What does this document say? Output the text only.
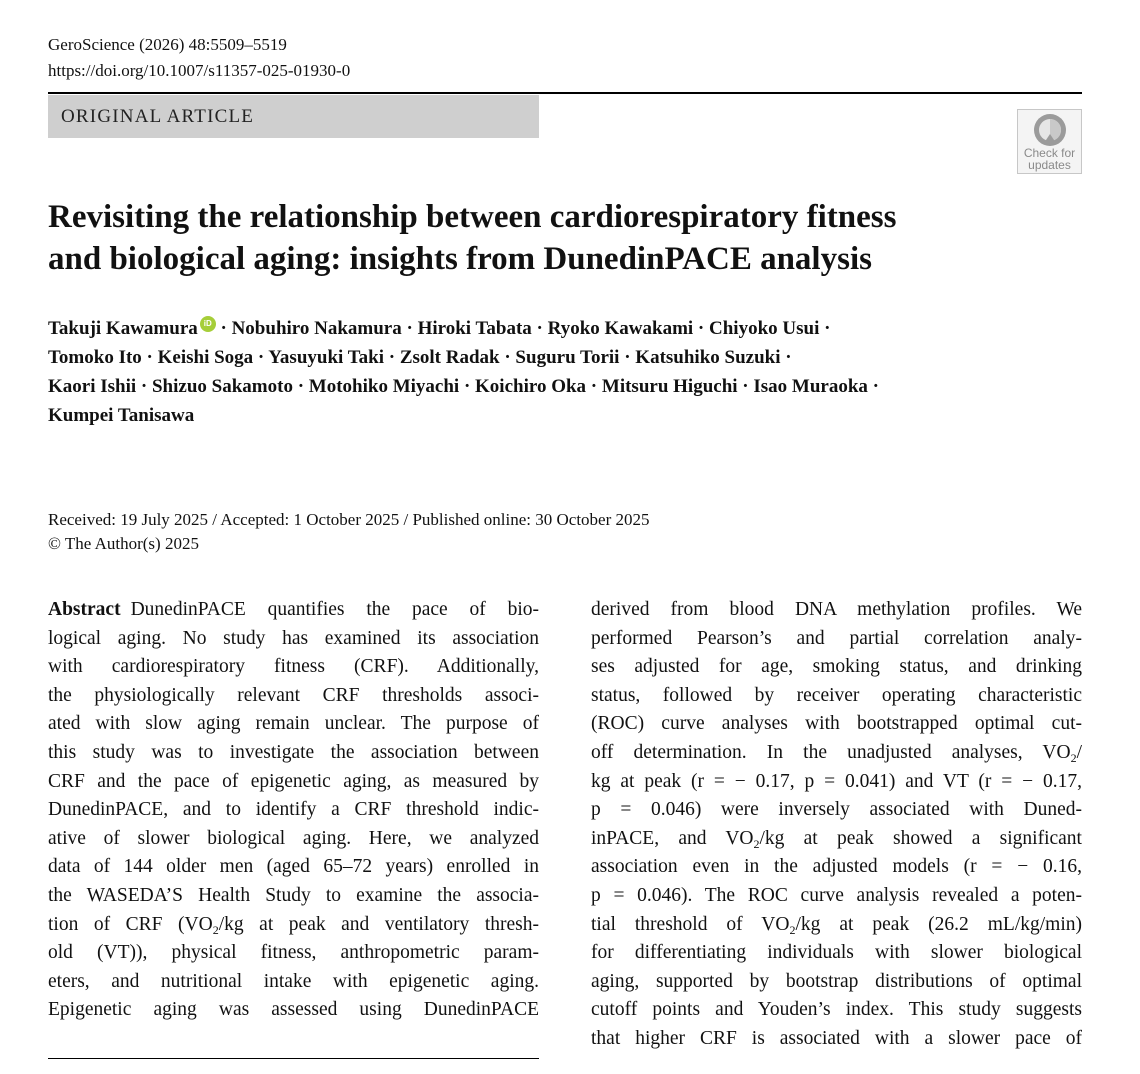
GeroScience (2026) 48:5509–5519
https://doi.org/10.1007/s11357-025-01930-0
ORIGINAL ARTICLE
Check for
updates
Revisiting the relationship between cardiorespiratory fitness
and biological aging: insights from DunedinPACE analysis
Takuji Kawamura iD · Nobuhiro Nakamura · Hiroki Tabata · Ryoko Kawakami · Chiyoko Usui ·
Tomoko Ito · Keishi Soga · Yasuyuki Taki · Zsolt Radak · Suguru Torii · Katsuhiko Suzuki ·
Kaori Ishii · Shizuo Sakamoto · Motohiko Miyachi · Koichiro Oka · Mitsuru Higuchi · Isao Muraoka ·
Kumpei Tanisawa
Received: 19 July 2025 / Accepted: 1 October 2025 / Published online: 30 October 2025
© The Author(s) 2025
Abstract DunedinPACE quantifies the pace of bio-
logical aging. No study has examined its association
with cardiorespiratory fitness (CRF). Additionally,
the physiologically relevant CRF thresholds associ-
ated with slow aging remain unclear. The purpose of
this study was to investigate the association between
CRF and the pace of epigenetic aging, as measured by
DunedinPACE, and to identify a CRF threshold indic-
ative of slower biological aging. Here, we analyzed
data of 144 older men (aged 65–72 years) enrolled in
the WASEDA’S Health Study to examine the associa-
tion of CRF ($VO_2/kg$ at peak and ventilatory thresh-
old (VT)), physical fitness, anthropometric param-
eters, and nutritional intake with epigenetic aging.
Epigenetic aging was assessed using DunedinPACE
derived from blood DNA methylation profiles. We
performed Pearson’s and partial correlation analy-
ses adjusted for age, smoking status, and drinking
status, followed by receiver operating characteristic
(ROC) curve analyses with bootstrapped optimal cut-
off determination. In the unadjusted analyses, $VO_2/$
kg at peak (r = − 0.17, p = 0.041) and VT (r = − 0.17,
p = 0.046) were inversely associated with Duned-
inPACE, and $VO_2/kg$ at peak showed a significant
association even in the adjusted models (r = − 0.16,
p = 0.046). The ROC curve analysis revealed a poten-
tial threshold of $VO_2/kg$ at peak (26.2 mL/kg/min)
for differentiating individuals with slower biological
aging, supported by bootstrap distributions of optimal
cutoff points and Youden’s index. This study suggests
that higher CRF is associated with a slower pace of
